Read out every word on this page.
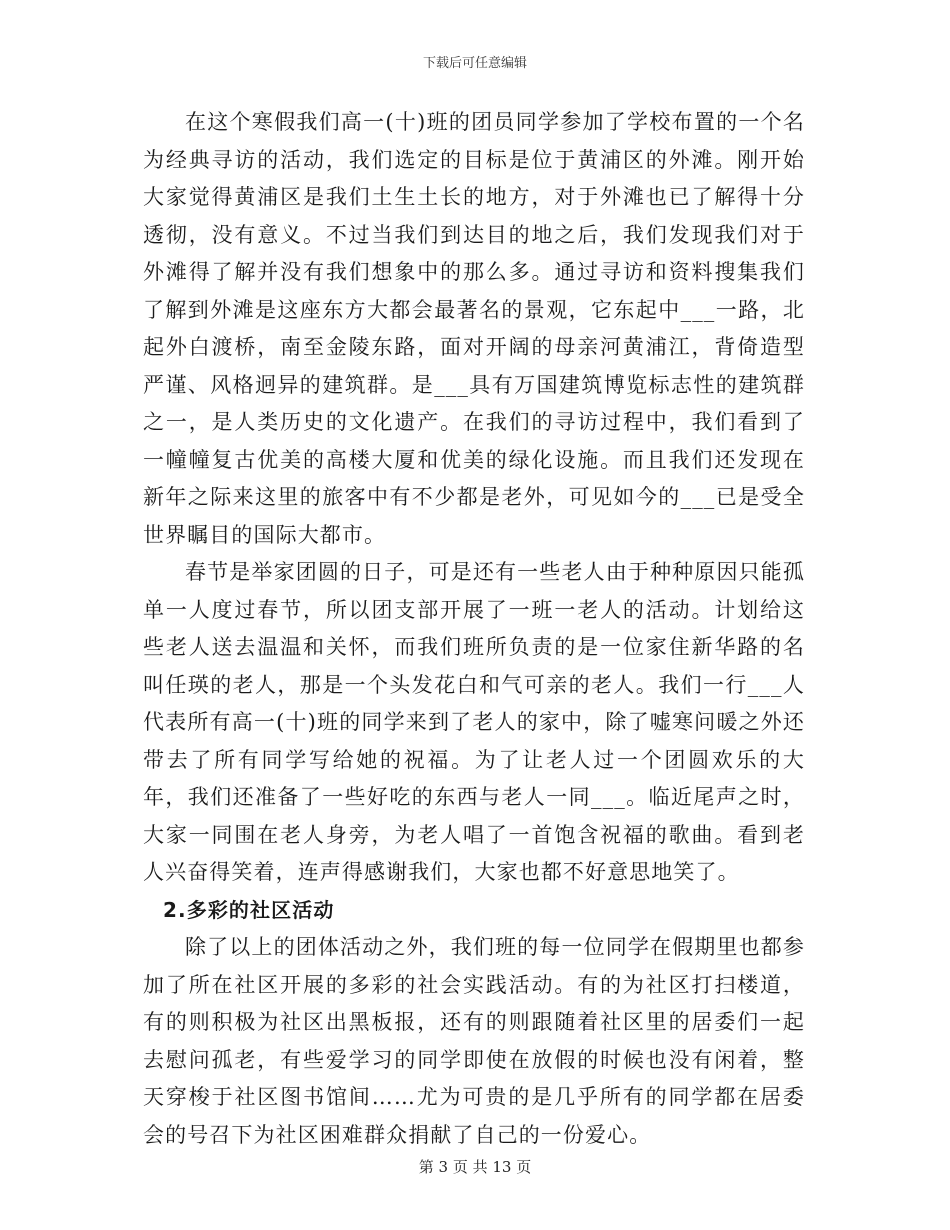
下载后可任意编辑

在这个寒假我们高一(十)班的团员同学参加了学校布置的一个名为经典寻访的活动，我们选定的目标是位于黄浦区的外滩。刚开始大家觉得黄浦区是我们土生土长的地方，对于外滩也已了解得十分透彻，没有意义。不过当我们到达目的地之后，我们发现我们对于外滩得了解并没有我们想象中的那么多。通过寻访和资料搜集我们了解到外滩是这座东方大都会最著名的景观，它东起中___一路，北起外白渡桥，南至金陵东路，面对开阔的母亲河黄浦江，背倚造型严谨、风格迥异的建筑群。是___具有万国建筑博览标志性的建筑群之一，是人类历史的文化遗产。在我们的寻访过程中，我们看到了一幢幢复古优美的高楼大厦和优美的绿化设施。而且我们还发现在新年之际来这里的旅客中有不少都是老外，可见如今的___已是受全世界瞩目的国际大都市。

春节是举家团圆的日子，可是还有一些老人由于种种原因只能孤单一人度过春节，所以团支部开展了一班一老人的活动。计划给这些老人送去温温和关怀，而我们班所负责的是一位家住新华路的名叫任瑛的老人，那是一个头发花白和气可亲的老人。我们一行___人代表所有高一(十)班的同学来到了老人的家中，除了嘘寒问暖之外还带去了所有同学写给她的祝福。为了让老人过一个团圆欢乐的大年，我们还准备了一些好吃的东西与老人一同___。临近尾声之时，大家一同围在老人身旁，为老人唱了一首饱含祝福的歌曲。看到老人兴奋得笑着，连声得感谢我们，大家也都不好意思地笑了。

2.多彩的社区活动

除了以上的团体活动之外，我们班的每一位同学在假期里也都参加了所在社区开展的多彩的社会实践活动。有的为社区打扫楼道，有的则积极为社区出黑板报，还有的则跟随着社区里的居委们一起去慰问孤老，有些爱学习的同学即使在放假的时候也没有闲着，整天穿梭于社区图书馆间……尤为可贵的是几乎所有的同学都在居委会的号召下为社区困难群众捐献了自己的一份爱心。

第 3 页 共 13 页
